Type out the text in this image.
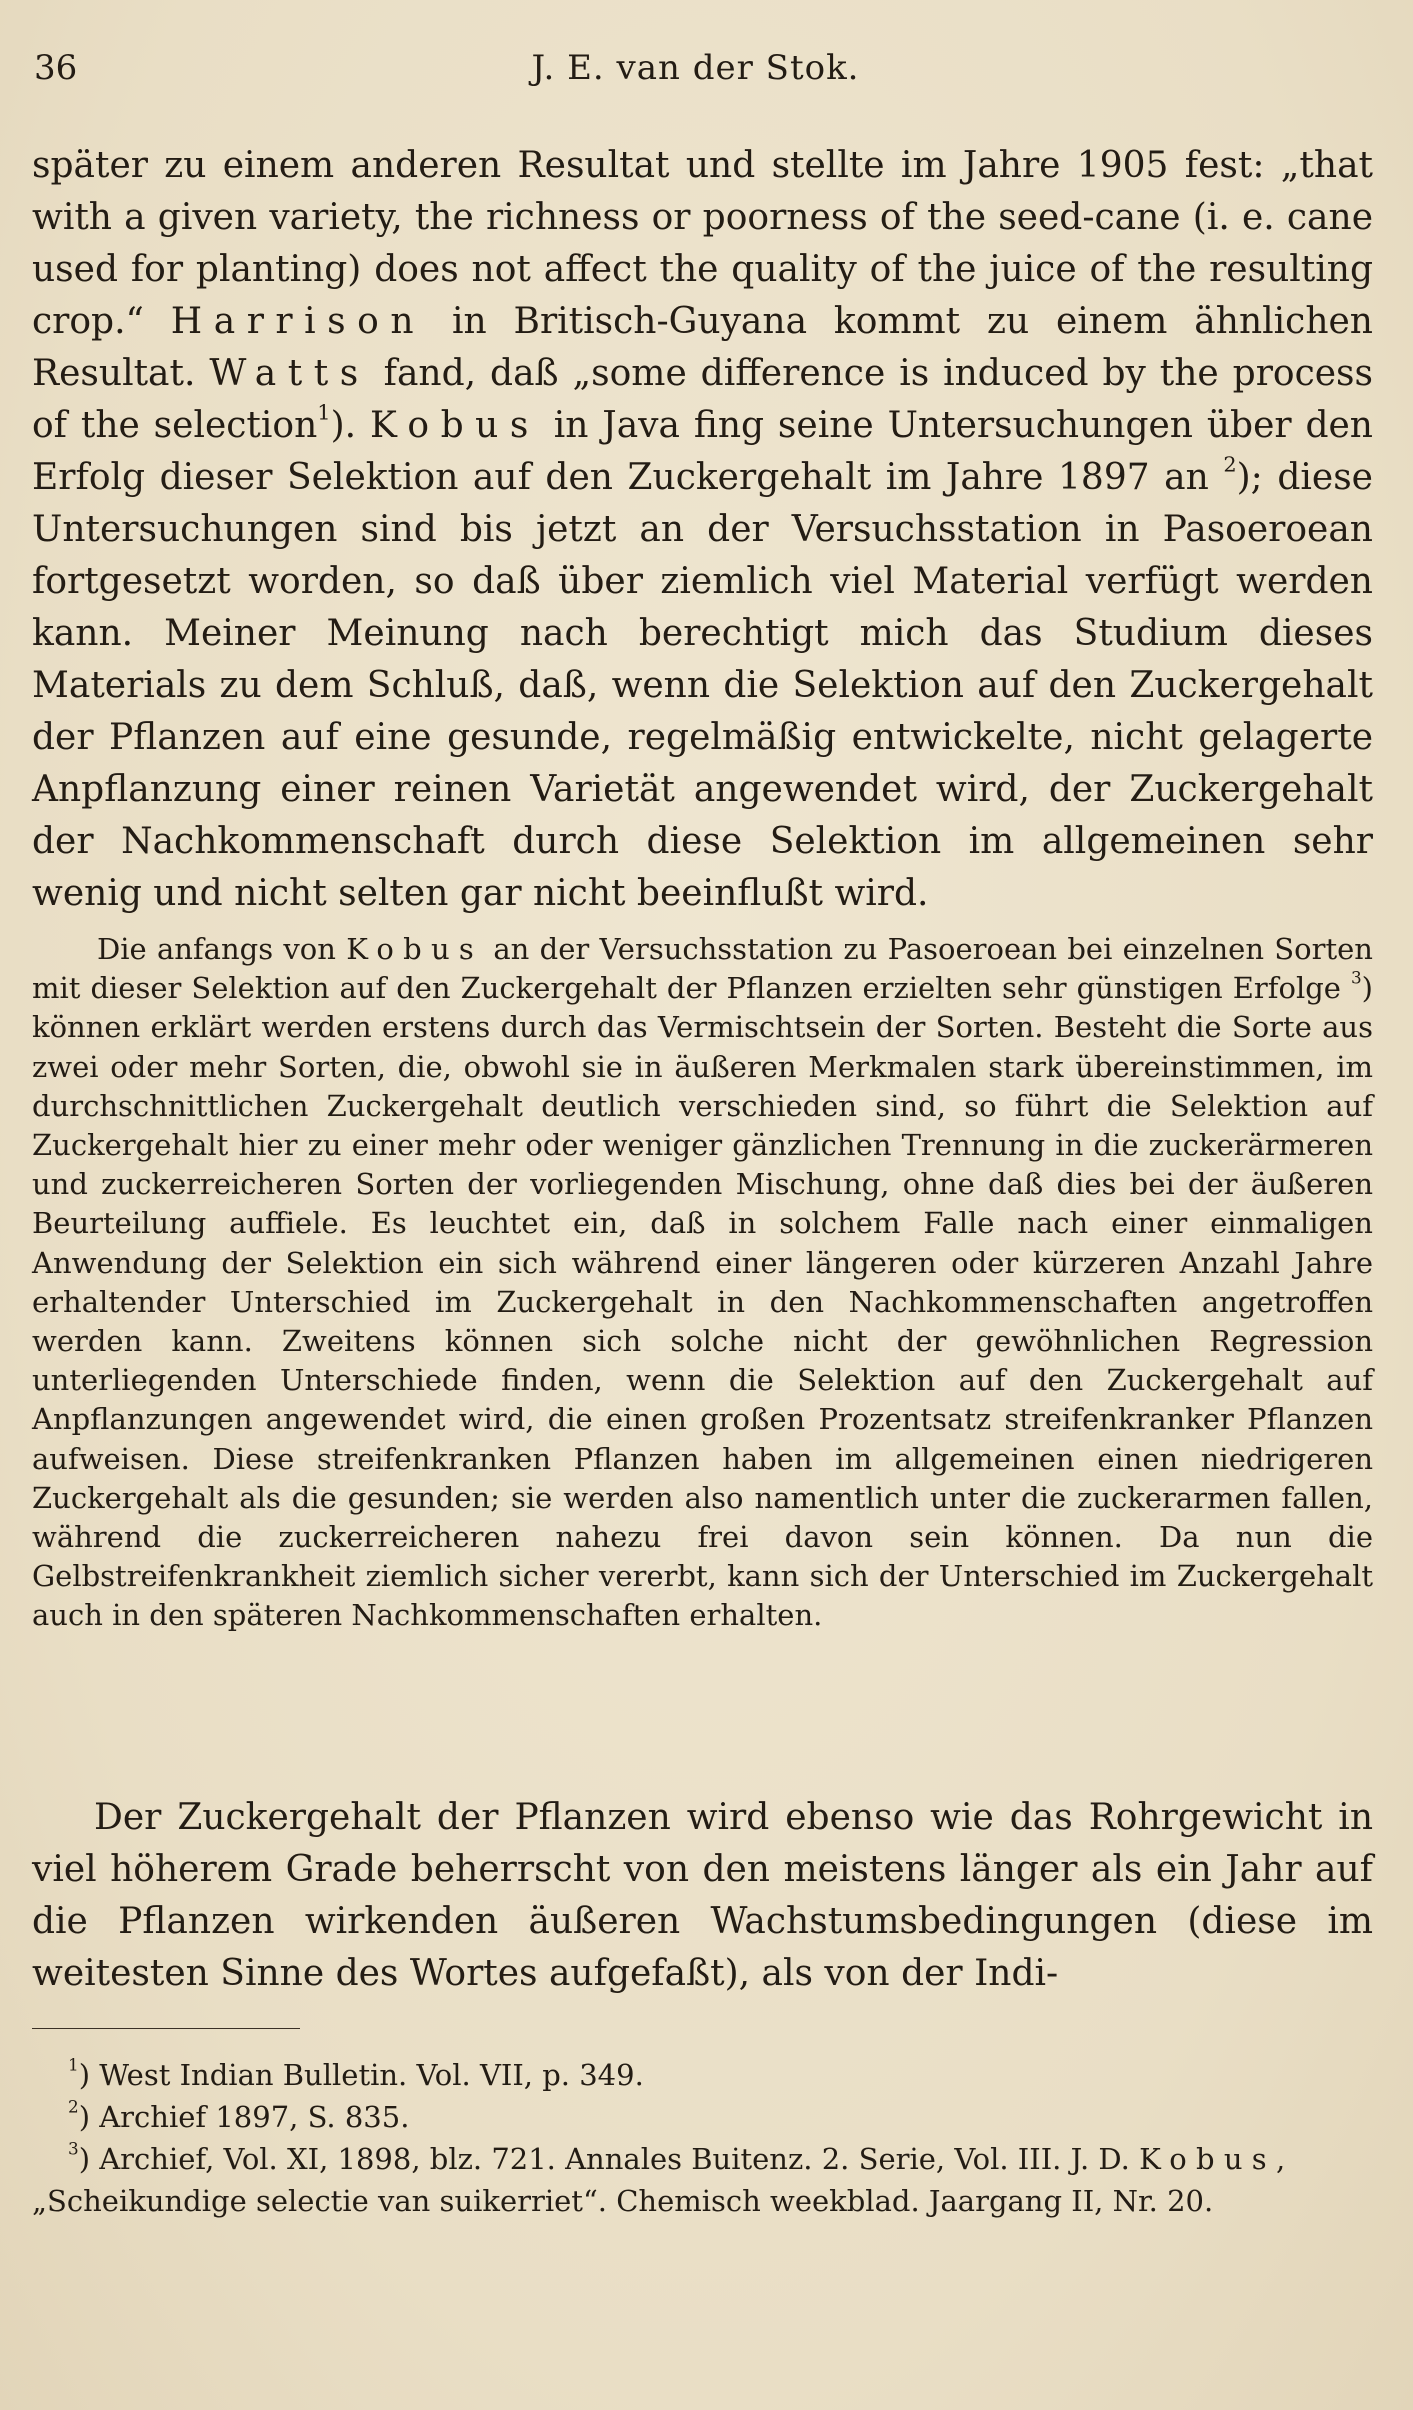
36	J. E. van der Stok.

später zu einem anderen Resultat und stellte im Jahre 1905 fest: „that with a given variety, the richness or poorness of the seed-cane (i. e. cane used for planting) does not affect the quality of the juice of the resulting crop.“ Harrison in Britisch-Guyana kommt zu einem ähnlichen Resultat. Watts fand, daß „some difference is induced by the process of the selection$^1$). Kobus in Java fing seine Untersuchungen über den Erfolg dieser Selektion auf den Zuckergehalt im Jahre 1897 an $^2$); diese Untersuchungen sind bis jetzt an der Versuchsstation in Pasoeroean fortgesetzt worden, so daß über ziemlich viel Material verfügt werden kann. Meiner Meinung nach berechtigt mich das Studium dieses Materials zu dem Schluß, daß, wenn die Selektion auf den Zuckergehalt der Pflanzen auf eine gesunde, regelmäßig entwickelte, nicht gelagerte Anpflanzung einer reinen Varietät angewendet wird, der Zuckergehalt der Nachkommenschaft durch diese Selektion im allgemeinen sehr wenig und nicht selten gar nicht beeinflußt wird.

Die anfangs von Kobus an der Versuchsstation zu Pasoeroean bei einzelnen Sorten mit dieser Selektion auf den Zuckergehalt der Pflanzen erzielten sehr günstigen Erfolge $^3$) können erklärt werden erstens durch das Vermischtsein der Sorten. Besteht die Sorte aus zwei oder mehr Sorten, die, obwohl sie in äußeren Merkmalen stark übereinstimmen, im durchschnittlichen Zuckergehalt deutlich verschieden sind, so führt die Selektion auf Zuckergehalt hier zu einer mehr oder weniger gänzlichen Trennung in die zuckerärmeren und zuckerreicheren Sorten der vorliegenden Mischung, ohne daß dies bei der äußeren Beurteilung auffiele. Es leuchtet ein, daß in solchem Falle nach einer einmaligen Anwendung der Selektion ein sich während einer längeren oder kürzeren Anzahl Jahre erhaltender Unterschied im Zuckergehalt in den Nachkommenschaften angetroffen werden kann. Zweitens können sich solche nicht der gewöhnlichen Regression unterliegenden Unterschiede finden, wenn die Selektion auf den Zuckergehalt auf Anpflanzungen angewendet wird, die einen großen Prozentsatz streifenkranker Pflanzen aufweisen. Diese streifenkranken Pflanzen haben im allgemeinen einen niedrigeren Zuckergehalt als die gesunden; sie werden also namentlich unter die zuckerarmen fallen, während die zuckerreicheren nahezu frei davon sein können. Da nun die Gelbstreifenkrankheit ziemlich sicher vererbt, kann sich der Unterschied im Zuckergehalt auch in den späteren Nachkommenschaften erhalten.

Der Zuckergehalt der Pflanzen wird ebenso wie das Rohrgewicht in viel höherem Grade beherrscht von den meistens länger als ein Jahr auf die Pflanzen wirkenden äußeren Wachstumsbedingungen (diese im weitesten Sinne des Wortes aufgefaßt), als von der Indi-

$^1$) West Indian Bulletin. Vol. VII, p. 349.

$^2$) Archief 1897, S. 835.

$^3$) Archief, Vol. XI, 1898, blz. 721. Annales Buitenz. 2. Serie, Vol. III. J. D. Kobus, „Scheikundige selectie van suikerriet“. Chemisch weekblad. Jaargang II, Nr. 20.
